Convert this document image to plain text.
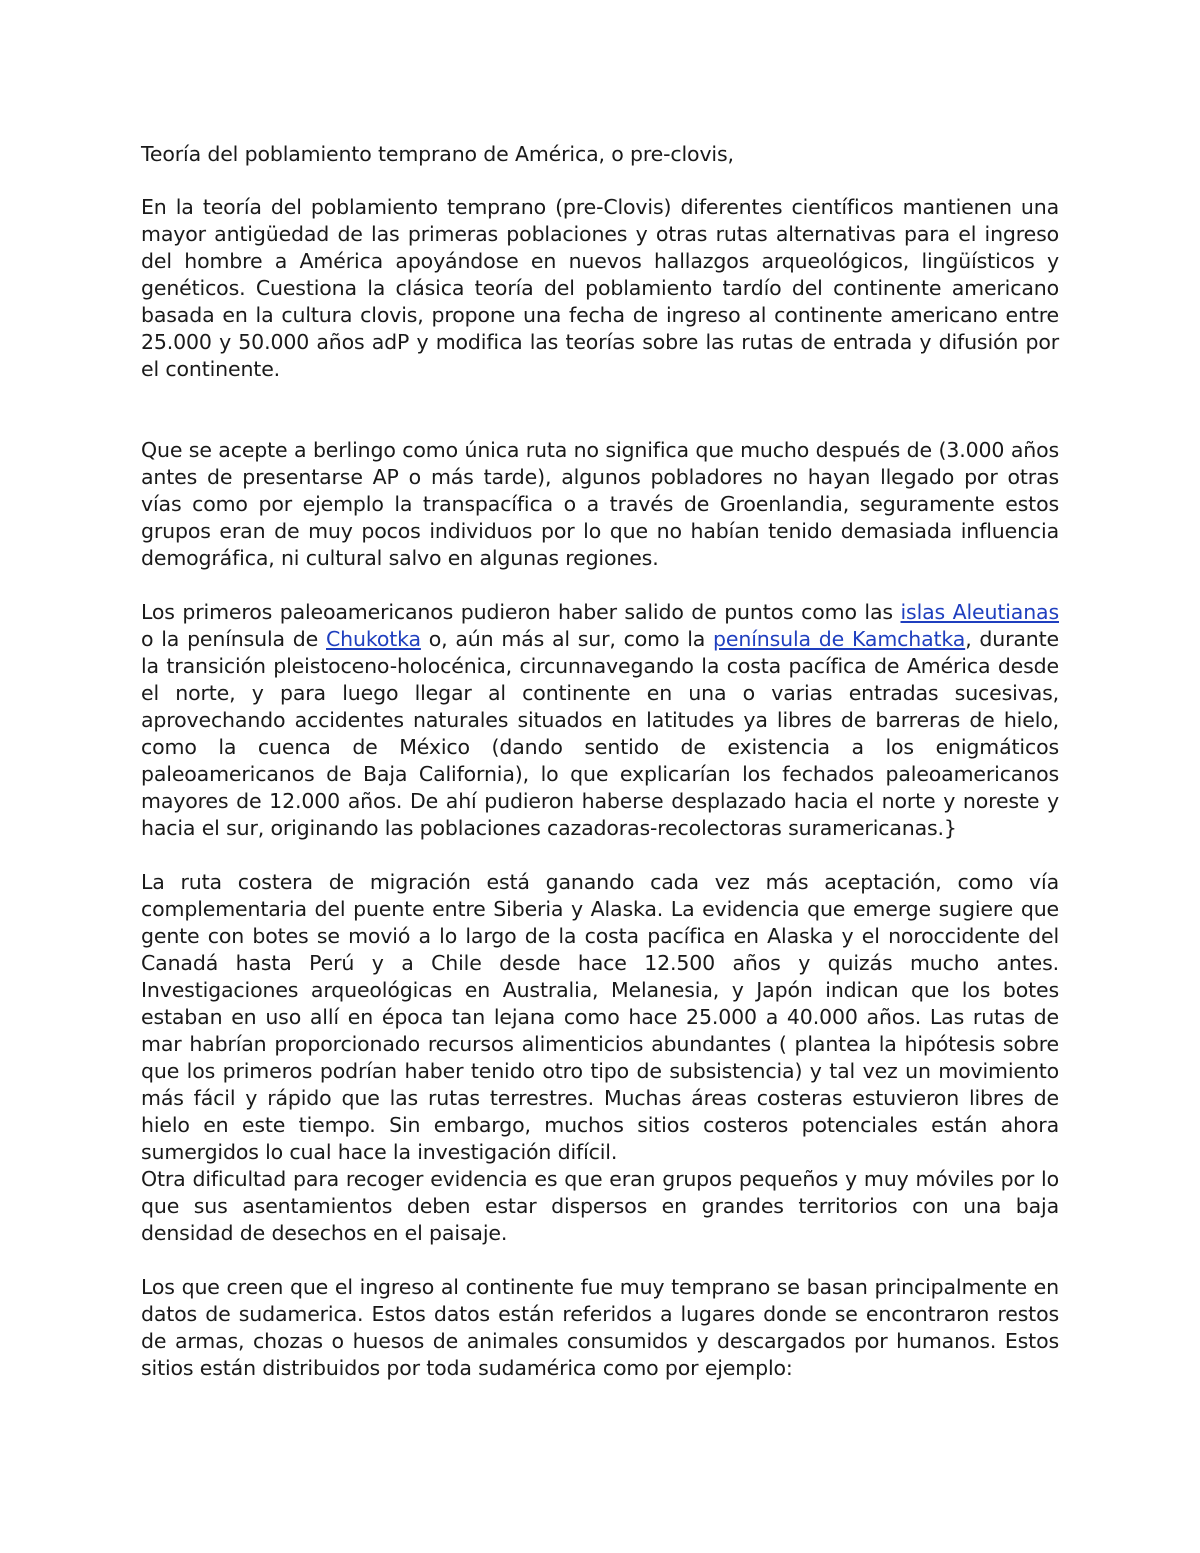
Teoría del poblamiento temprano de América, o pre-clovis,

En la teoría del poblamiento temprano (pre-Clovis) diferentes científicos mantienen una mayor antigüedad de las primeras poblaciones y otras rutas alternativas para el ingreso del hombre a América apoyándose en nuevos hallazgos arqueológicos, lingüísticos y genéticos. Cuestiona la clásica teoría del poblamiento tardío del continente americano basada en la cultura clovis, propone una fecha de ingreso al continente americano entre 25.000 y 50.000 años adP y modifica las teorías sobre las rutas de entrada y difusión por el continente.

Que se acepte a berlingo como única ruta no significa que mucho después de (3.000 años antes de presentarse AP o más tarde), algunos pobladores no hayan llegado por otras vías como por ejemplo la transpacífica o a través de Groenlandia, seguramente estos grupos eran de muy pocos individuos por lo que no habían tenido demasiada influencia demográfica, ni cultural salvo en algunas regiones.

Los primeros paleoamericanos pudieron haber salido de puntos como las islas Aleutianas o la península de Chukotka o, aún más al sur, como la península de Kamchatka, durante la transición pleistoceno-holocénica, circunnavegando la costa pacífica de América desde el norte, y para luego llegar al continente en una o varias entradas sucesivas, aprovechando accidentes naturales situados en latitudes ya libres de barreras de hielo, como la cuenca de México (dando sentido de existencia a los enigmáticos paleoamericanos de Baja California), lo que explicarían los fechados paleoamericanos mayores de 12.000 años. De ahí pudieron haberse desplazado hacia el norte y noreste y hacia el sur, originando las poblaciones cazadoras-recolectoras suramericanas.}

La ruta costera de migración está ganando cada vez más aceptación, como vía complementaria del puente entre Siberia y Alaska. La evidencia que emerge sugiere que gente con botes se movió a lo largo de la costa pacífica en Alaska y el noroccidente del Canadá hasta Perú y a Chile desde hace 12.500 años y quizás mucho antes. Investigaciones arqueológicas en Australia, Melanesia, y Japón indican que los botes estaban en uso allí en época tan lejana como hace 25.000 a 40.000 años. Las rutas de mar habrían proporcionado recursos alimenticios abundantes ( plantea la hipótesis sobre que los primeros podrían haber tenido otro tipo de subsistencia) y tal vez un movimiento más fácil y rápido que las rutas terrestres. Muchas áreas costeras estuvieron libres de hielo en este tiempo. Sin embargo, muchos sitios costeros potenciales están ahora sumergidos lo cual hace la investigación difícil.

Otra dificultad para recoger evidencia es que eran grupos pequeños y muy móviles por lo que sus asentamientos deben estar dispersos en grandes territorios con una baja densidad de desechos en el paisaje.

Los que creen que el ingreso al continente fue muy temprano se basan principalmente en datos de sudamerica. Estos datos están referidos a lugares donde se encontraron restos de armas, chozas o huesos de animales consumidos y descargados por humanos. Estos sitios están distribuidos por toda sudamérica como por ejemplo:
